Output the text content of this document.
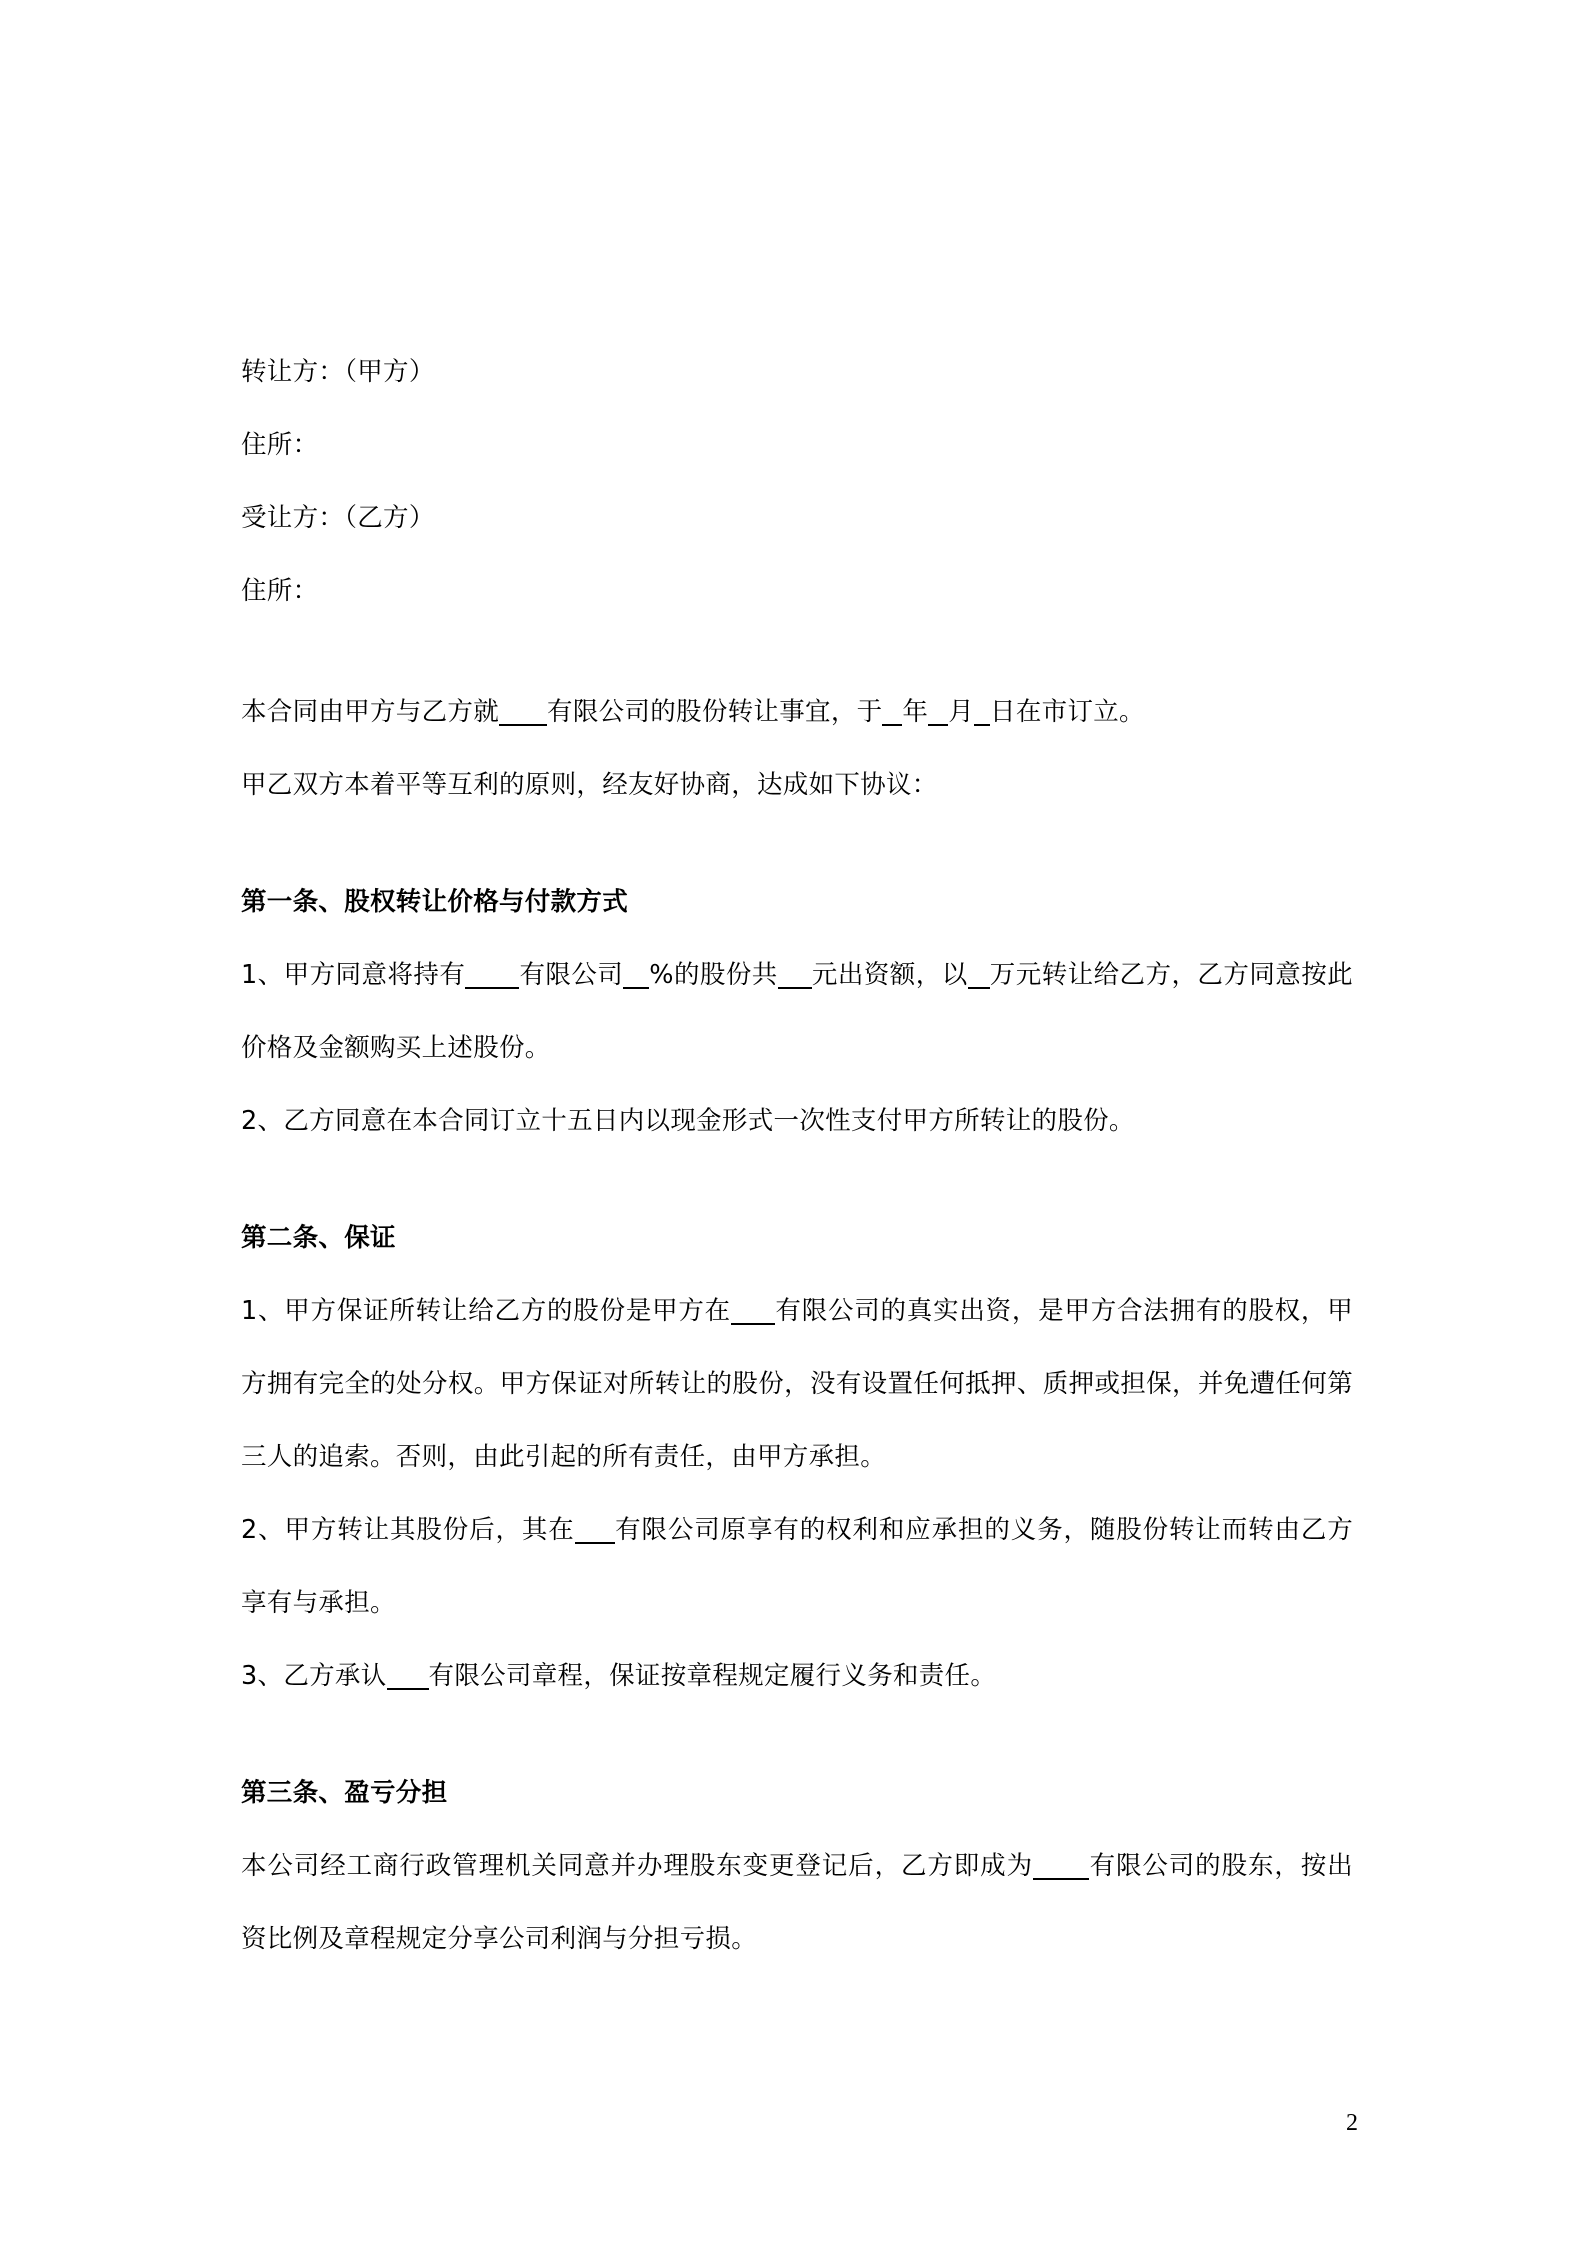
转让方：（甲方）

住所：

受让方：（乙方）

住所：

本合同由甲方与乙方就 有限公司的股份转让事宜，于 年 月 日在市订立。

甲乙双方本着平等互利的原则，经友好协商，达成如下协议：

第一条、股权转让价格与付款方式

1、甲方同意将持有 有限公司 %的股份共 元出资额，以 万元转让给乙方，乙方同意按此价格及金额购买上述股份。

2、乙方同意在本合同订立十五日内以现金形式一次性支付甲方所转让的股份。

第二条、保证

1、甲方保证所转让给乙方的股份是甲方在 有限公司的真实出资，是甲方合法拥有的股权，甲方拥有完全的处分权。甲方保证对所转让的股份，没有设置任何抵押、质押或担保，并免遭任何第三人的追索。否则，由此引起的所有责任，由甲方承担。

2、甲方转让其股份后，其在 有限公司原享有的权利和应承担的义务，随股份转让而转由乙方享有与承担。

3、乙方承认 有限公司章程，保证按章程规定履行义务和责任。

第三条、盈亏分担

本公司经工商行政管理机关同意并办理股东变更登记后，乙方即成为 有限公司的股东，按出资比例及章程规定分享公司利润与分担亏损。

2
